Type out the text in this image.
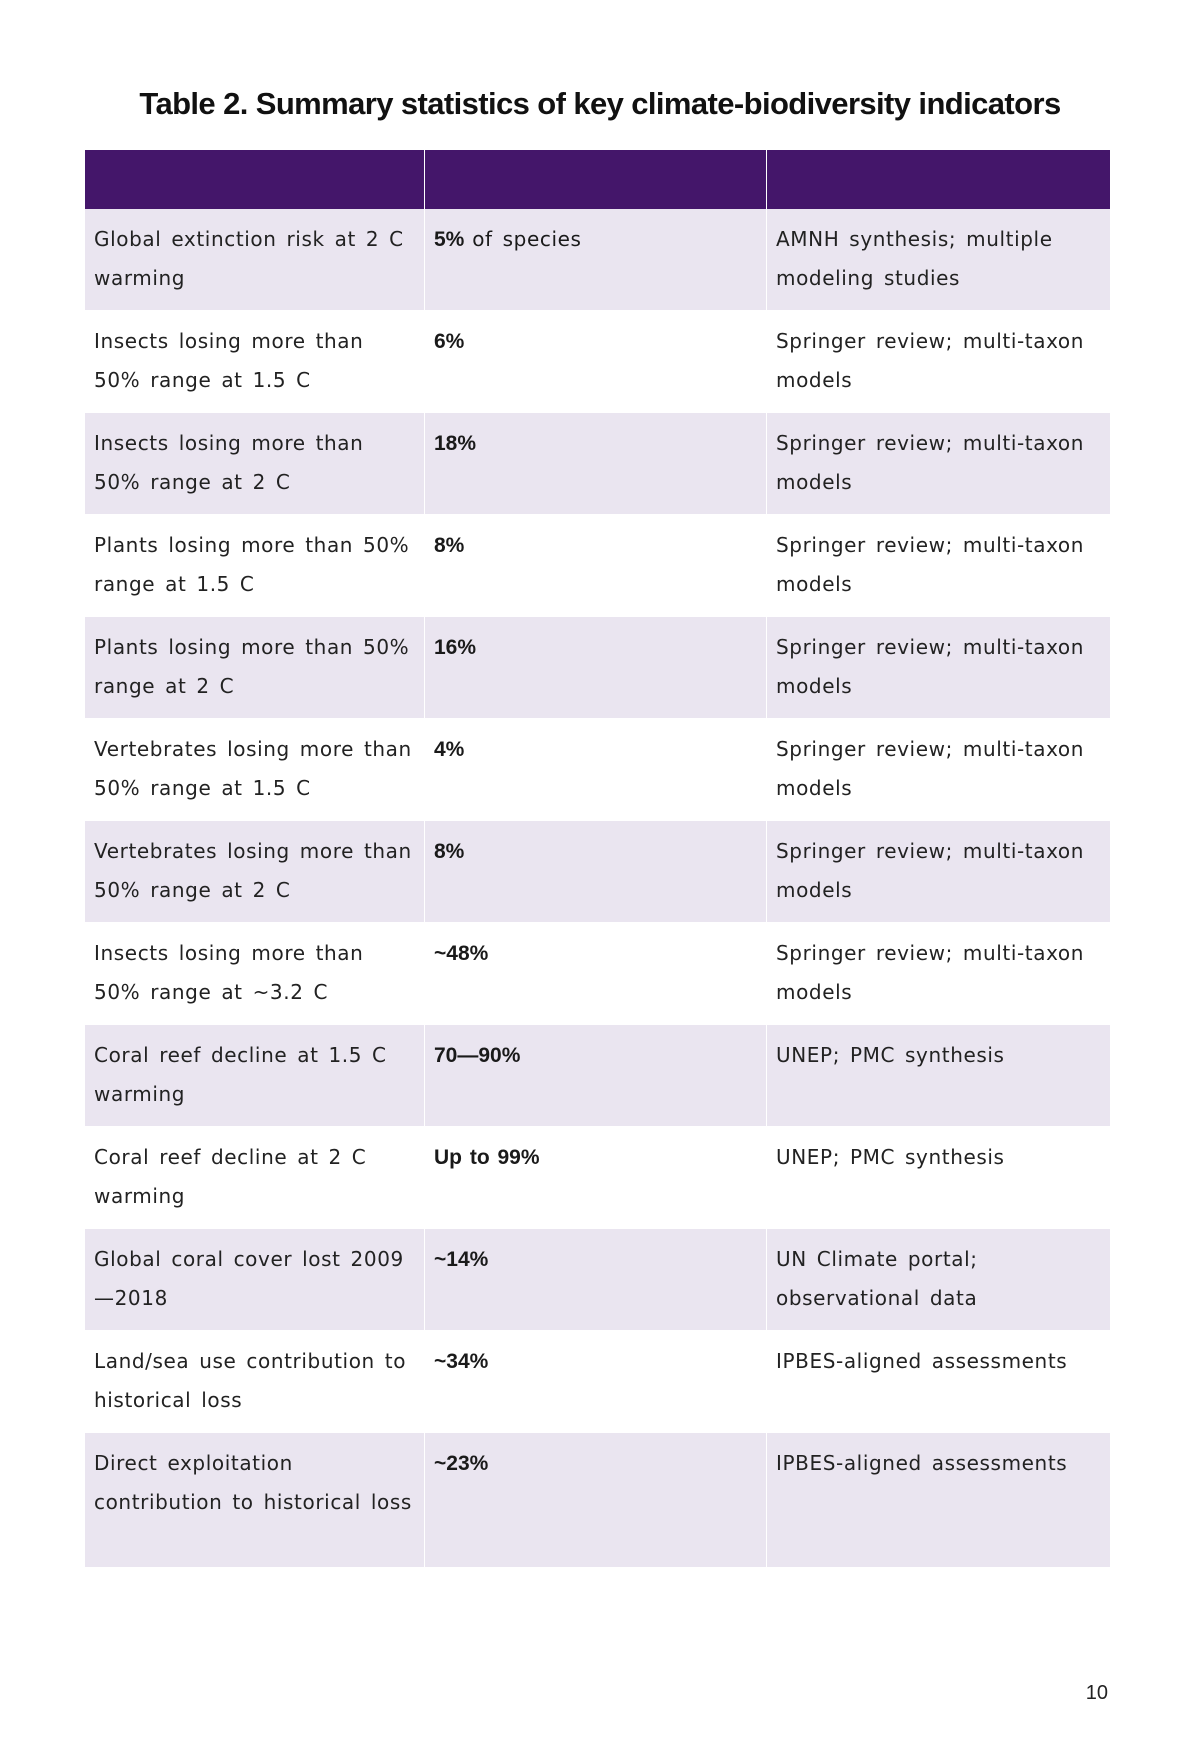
Table 2. Summary statistics of key climate-biodiversity indicators

Global extinction risk at 2 C warming	5% of species	AMNH synthesis; multiple modeling studies
Insects losing more than 50% range at 1.5 C	6%	Springer review; multi-taxon models
Insects losing more than 50% range at 2 C	18%	Springer review; multi-taxon models
Plants losing more than 50% range at 1.5 C	8%	Springer review; multi-taxon models
Plants losing more than 50% range at 2 C	16%	Springer review; multi-taxon models
Vertebrates losing more than 50% range at 1.5 C	4%	Springer review; multi-taxon models
Vertebrates losing more than 50% range at 2 C	8%	Springer review; multi-taxon models
Insects losing more than 50% range at ~3.2 C	~48%	Springer review; multi-taxon models
Coral reef decline at 1.5 C warming	70—90%	UNEP; PMC synthesis
Coral reef decline at 2 C warming	Up to 99%	UNEP; PMC synthesis
Global coral cover lost 2009—2018	~14%	UN Climate portal; observational data
Land/sea use contribution to historical loss	~34%	IPBES-aligned assessments
Direct exploitation contribution to historical loss	~23%	IPBES-aligned assessments
10
